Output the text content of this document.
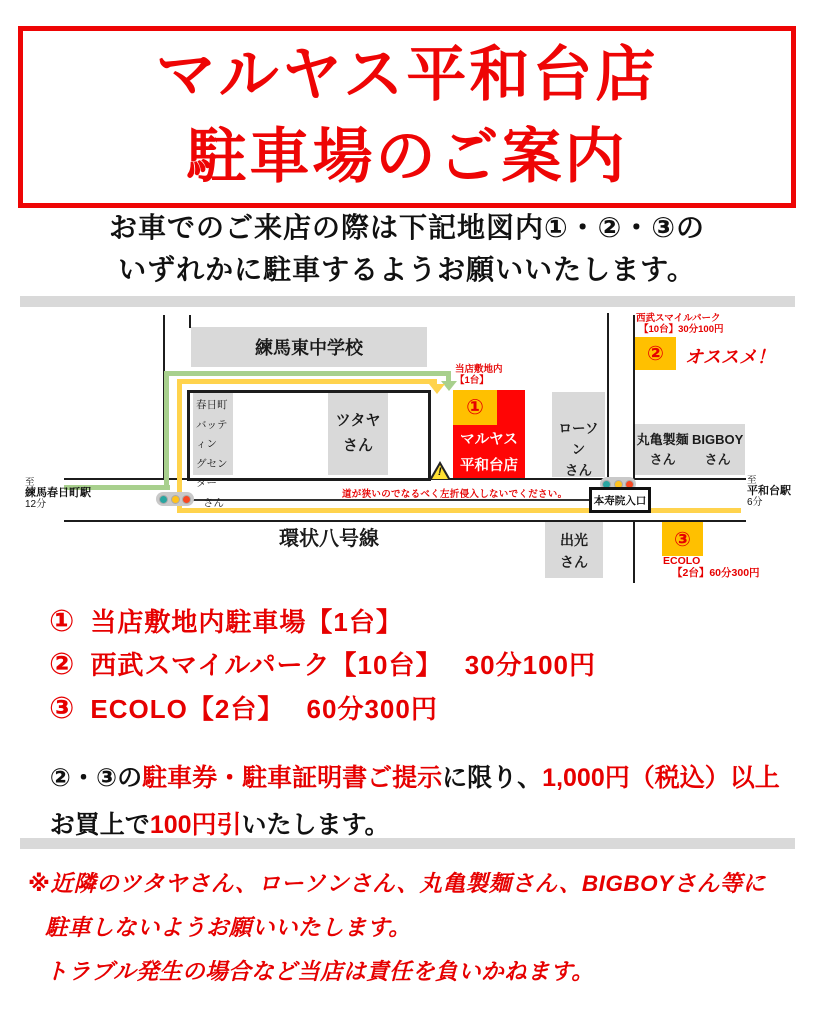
マルヤス平和台店
駐車場のご案内
お車でのご来店の際は下記地図内①・②・③の
いずれかに駐車するようお願いいたします。
練馬東中学校
春日町
バッティン
グセンター
さん
ツタヤ
さん
ローソン
さん
丸亀製麺
さん
BIGBOY
さん
出光
さん
当店敷地内
【1台】
①
マルヤス
平和台店
西武スマイルパーク
【10台】30分100円
② オススメ！
③
ECOLO
【2台】60分300円
!
道が狭いのでなるべく左折侵入しないでください。	本寿院入口
至
練馬春日町駅
12分
至
平和台駅
6分
環状八号線
① 当店敷地内駐車場【1台】
② 西武スマイルパーク【10台】　 30分100円
③ ECOLO【2台】　 60分300円

②・③の駐車券・駐車証明書ご提示に限り、1,000円（税込）以上

お買上で100円引いたします。

※近隣のツタヤさん、ローソンさん、丸亀製麺さん、BIGBOYさん等に
駐車しないようお願いいたします。
トラブル発生の場合など当店は責任を負いかねます。
